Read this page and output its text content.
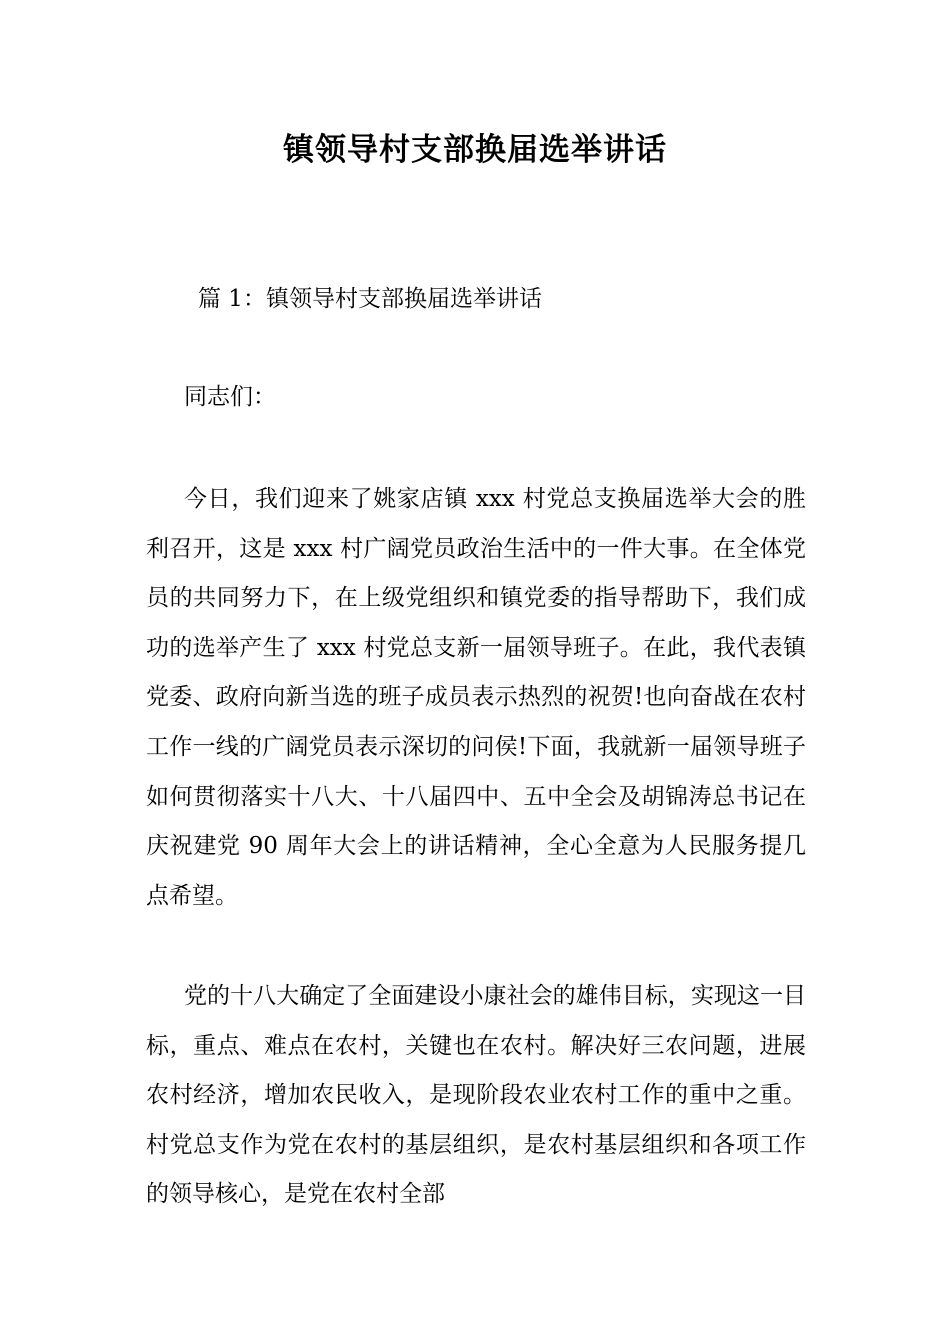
镇领导村支部换届选举讲话

篇 1：镇领导村支部换届选举讲话

同志们：

今日，我们迎来了姚家店镇 xxx 村党总支换届选举大会的胜利召开，这是 xxx 村广阔党员政治生活中的一件大事。在全体党员的共同努力下，在上级党组织和镇党委的指导帮助下，我们成功的选举产生了 xxx 村党总支新一届领导班子。在此，我代表镇党委、政府向新当选的班子成员表示热烈的祝贺!也向奋战在农村工作一线的广阔党员表示深切的问侯!下面，我就新一届领导班子如何贯彻落实十八大、十八届四中、五中全会及胡锦涛总书记在庆祝建党 90 周年大会上的讲话精神，全心全意为人民服务提几点希望。

党的十八大确定了全面建设小康社会的雄伟目标，实现这一目标，重点、难点在农村，关键也在农村。解决好三农问题，进展农村经济，增加农民收入，是现阶段农业农村工作的重中之重。村党总支作为党在农村的基层组织，是农村基层组织和各项工作的领导核心，是党在农村全部
